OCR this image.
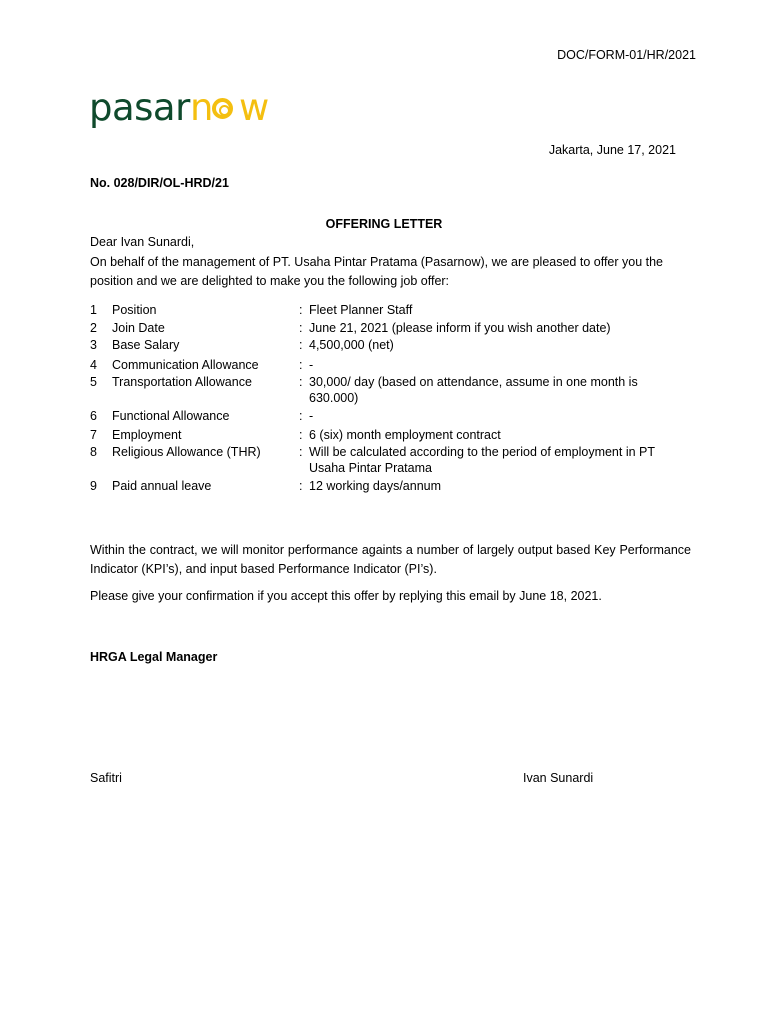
DOC/FORM-01/HR/2021
pasar n w
Jakarta, June 17, 2021
No. 028/DIR/OL-HRD/21
OFFERING LETTER
Dear Ivan Sunardi,
On behalf of the management of PT. Usaha Pintar Pratama (Pasarnow), we are pleased to offer you the position and we are delighted to make you the following job offer:
1 Position	: Fleet Planner Staff
2 Join Date	: June 21, 2021 (please inform if you wish another date)
3 Base Salary	: 4,500,000 (net)
4 Communication Allowance	: -
5 Transportation Allowance	: 30,000/ day (based on attendance, assume in one month is 630.000)
6 Functional Allowance	: -
7 Employment	: 6 (six) month employment contract
8 Religious Allowance (THR)	: Will be calculated according to the period of employment in PT Usaha Pintar Pratama
9 Paid annual leave	: 12 working days/annum
Within the contract, we will monitor performance againts a number of largely output based Key Performance Indicator (KPI’s), and input based Performance Indicator (PI’s).
Please give your confirmation if you accept this offer by replying this email by June 18, 2021.
HRGA Legal Manager
Safitri	Ivan Sunardi
